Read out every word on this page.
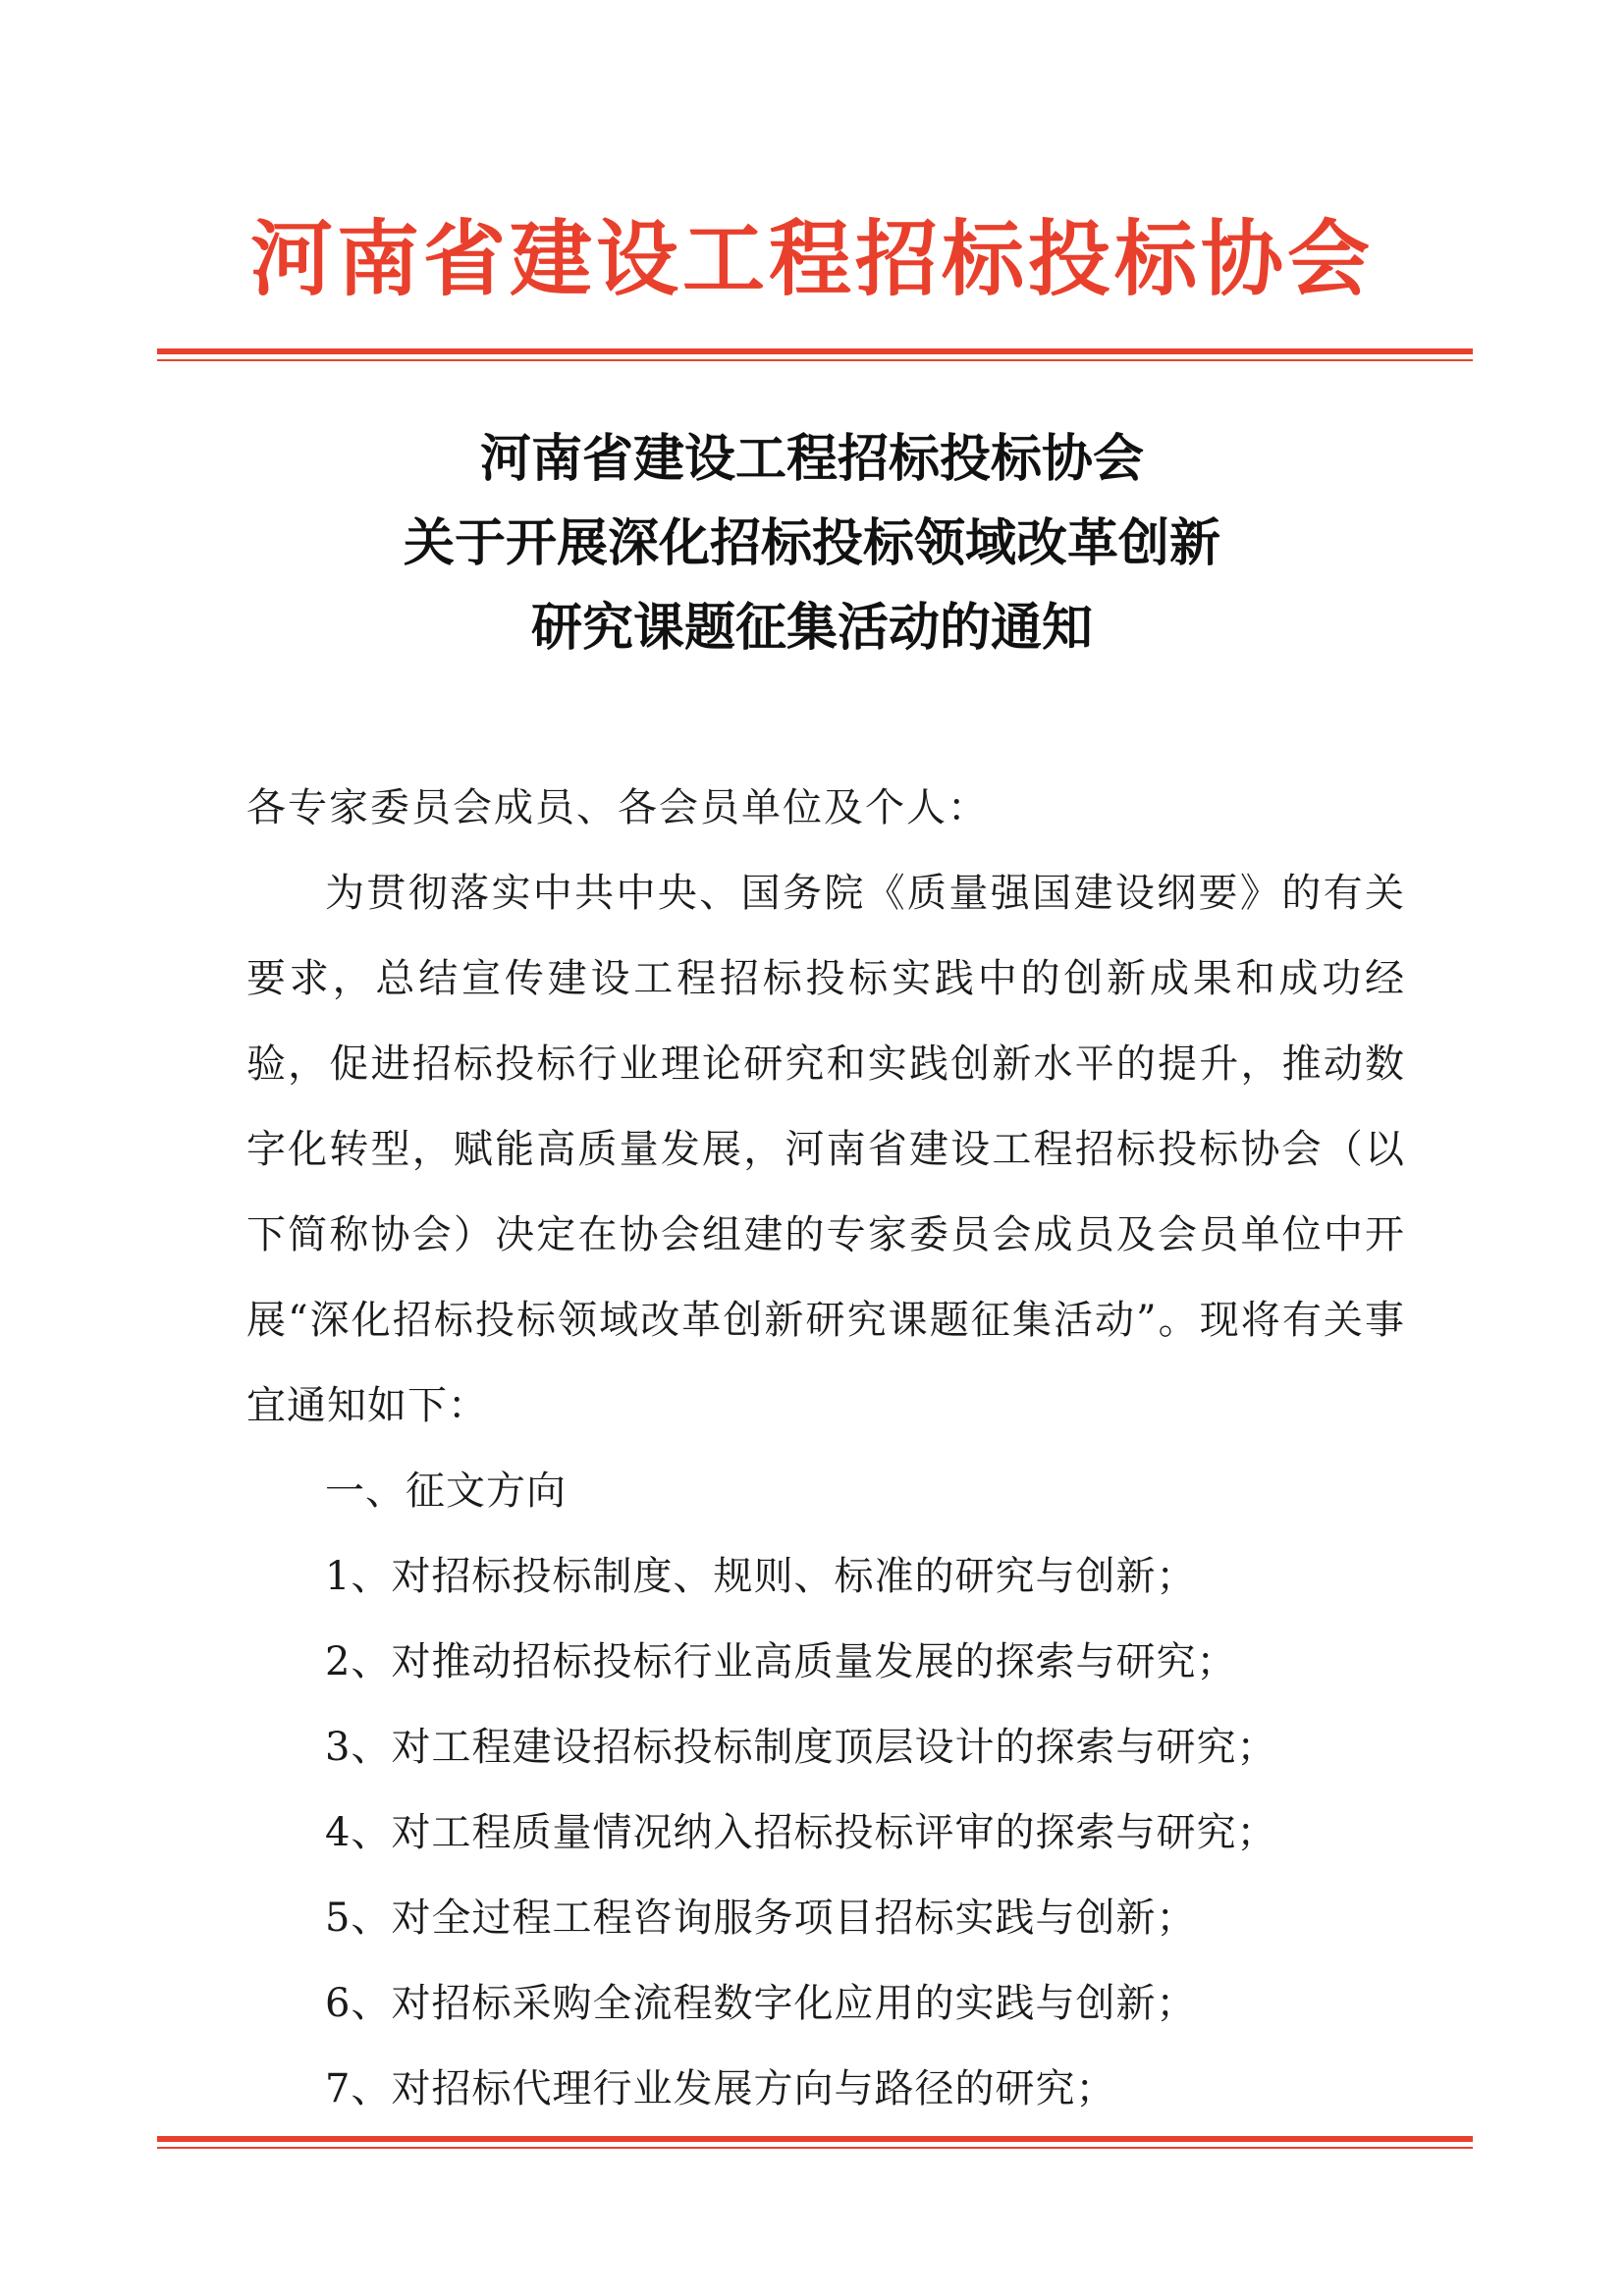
河南省建设工程招标投标协会
河南省建设工程招标投标协会
关于开展深化招标投标领域改革创新
研究课题征集活动的通知

各专家委员会成员、各会员单位及个人：

为贯彻落实中共中央、国务院《质量强国建设纲要》的有关要求，总结宣传建设工程招标投标实践中的创新成果和成功经验，促进招标投标行业理论研究和实践创新水平的提升，推动数字化转型，赋能高质量发展，河南省建设工程招标投标协会（以下简称协会）决定在协会组建的专家委员会成员及会员单位中开展“深化招标投标领域改革创新研究课题征集活动”。现将有关事宜通知如下：

一、征文方向

1、对招标投标制度、规则、标准的研究与创新；

2、对推动招标投标行业高质量发展的探索与研究；

3、对工程建设招标投标制度顶层设计的探索与研究；

4、对工程质量情况纳入招标投标评审的探索与研究；

5、对全过程工程咨询服务项目招标实践与创新；

6、对招标采购全流程数字化应用的实践与创新；

7、对招标代理行业发展方向与路径的研究；
